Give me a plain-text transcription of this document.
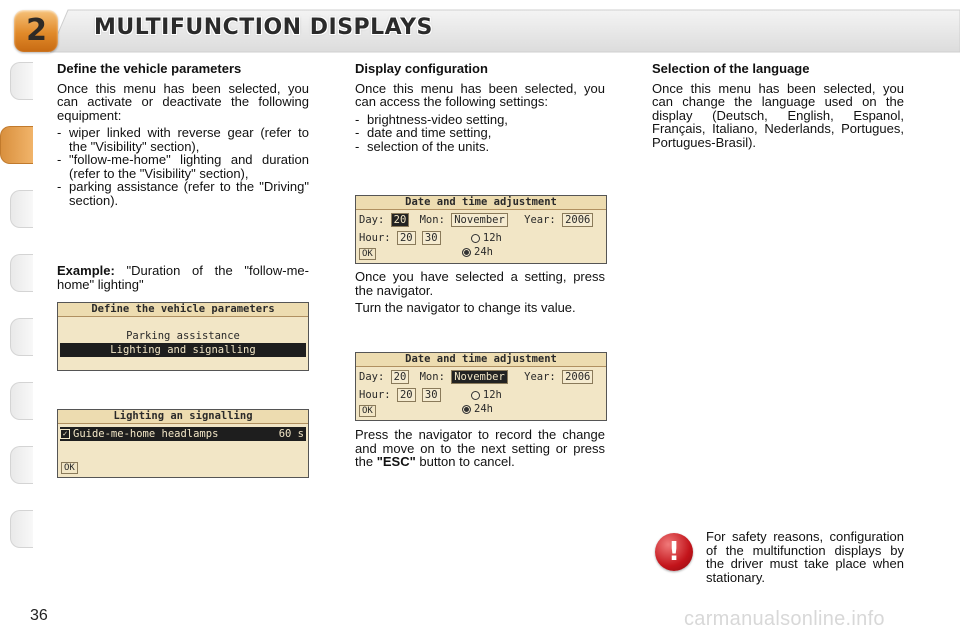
2	MULTIFUNCTION DISPLAYS
Define the vehicle parameters

Once this menu has been selected, you can activate or deactivate the following equipment:

- wiper linked with reverse gear (refer to the "Visibility" section),
- "follow-me-home" lighting and duration (refer to the "Visibility" section),
- parking assistance (refer to the "Driving" section).

Example: "Duration of the "follow-me-home" lighting"

Define the vehicle parameters
Parking assistance
Lighting and signalling
Lighting an signalling
✓ Guide-me-home headlamps	60 s
OK
Display configuration

Once this menu has been selected, you can access the following settings:

- brightness-video setting,
- date and time setting,
- selection of the units.
Date and time adjustment
Day: 20 Mon: November Year: 2006
Hour: 20 30	12h
24h
OK

Once you have selected a setting, press the navigator.

Turn the navigator to change its value.

Date and time adjustment
Day: 20 Mon: November Year: 2006
Hour: 20 30	12h
24h
OK

Press the navigator to record the change and move on to the next setting or press the "ESC" button to cancel.

Selection of the language

Once this menu has been selected, you can change the language used on the display (Deutsch, English, Espanol, Français, Italiano, Nederlands, Portugues, Portugues-Brasil).

!
For safety reasons, configuration of the multifunction displays by the driver must take place when stationary.
36	carmanualsonline.info
